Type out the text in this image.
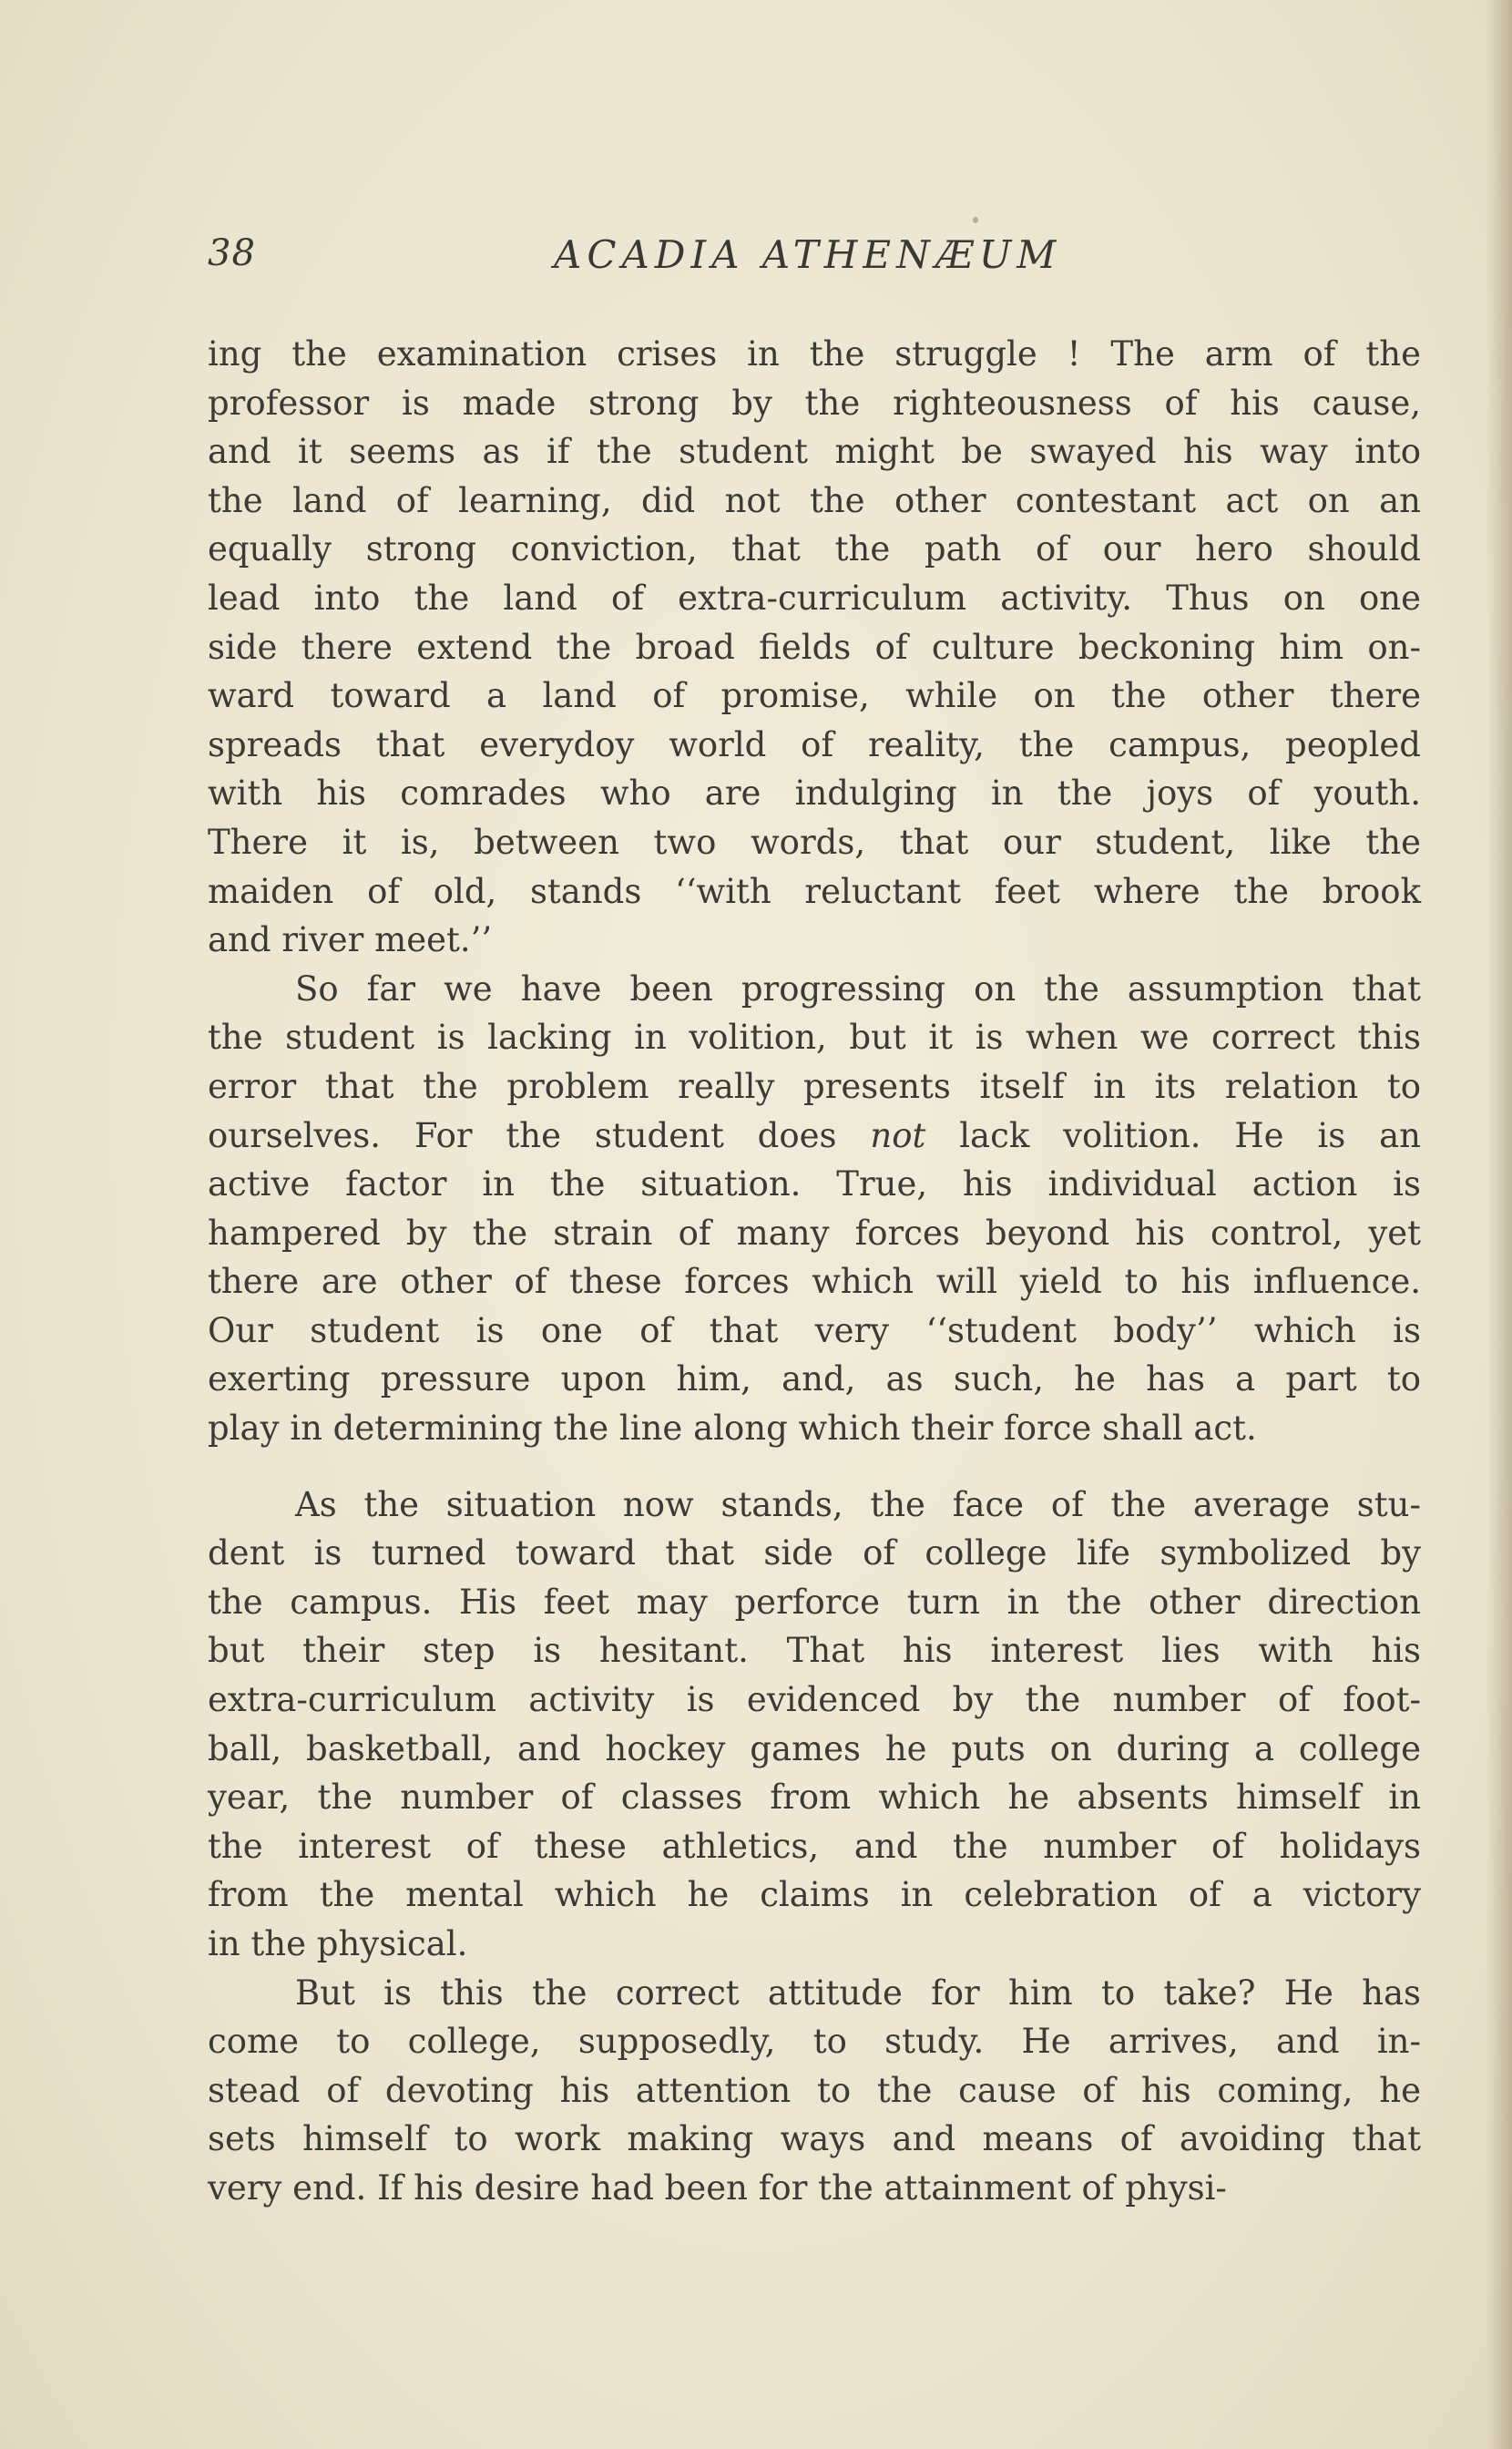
38	ACADIA ATHENÆUM
ing the examination crises in the struggle ! The arm of the
professor is made strong by the righteousness of his cause,
and it seems as if the student might be swayed his way into
the land of learning, did not the other contestant act on an
equally strong conviction, that the path of our hero should
lead into the land of extra-curriculum activity. Thus on one
side there extend the broad fields of culture beckoning him on-
ward toward a land of promise, while on the other there
spreads that everydoy world of reality, the campus, peopled
with his comrades who are indulging in the joys of youth.
There it is, between two words, that our student, like the
maiden of old, stands ‘‘with reluctant feet where the brook
and river meet.’’
So far we have been progressing on the assumption that
the student is lacking in volition, but it is when we correct this
error that the problem really presents itself in its relation to
ourselves. For the student does not lack volition. He is an
active factor in the situation. True, his individual action is
hampered by the strain of many forces beyond his control, yet
there are other of these forces which will yield to his influence.
Our student is one of that very ‘‘student body’’ which is
exerting pressure upon him, and, as such, he has a part to
play in determining the line along which their force shall act.
As the situation now stands, the face of the average stu-
dent is turned toward that side of college life symbolized by
the campus. His feet may perforce turn in the other direction
but their step is hesitant. That his interest lies with his
extra-curriculum activity is evidenced by the number of foot-
ball, basketball, and hockey games he puts on during a college
year, the number of classes from which he absents himself in
the interest of these athletics, and the number of holidays
from the mental which he claims in celebration of a victory
in the physical.
But is this the correct attitude for him to take? He has
come to college, supposedly, to study. He arrives, and in-
stead of devoting his attention to the cause of his coming, he
sets himself to work making ways and means of avoiding that
very end. If his desire had been for the attainment of physi-
